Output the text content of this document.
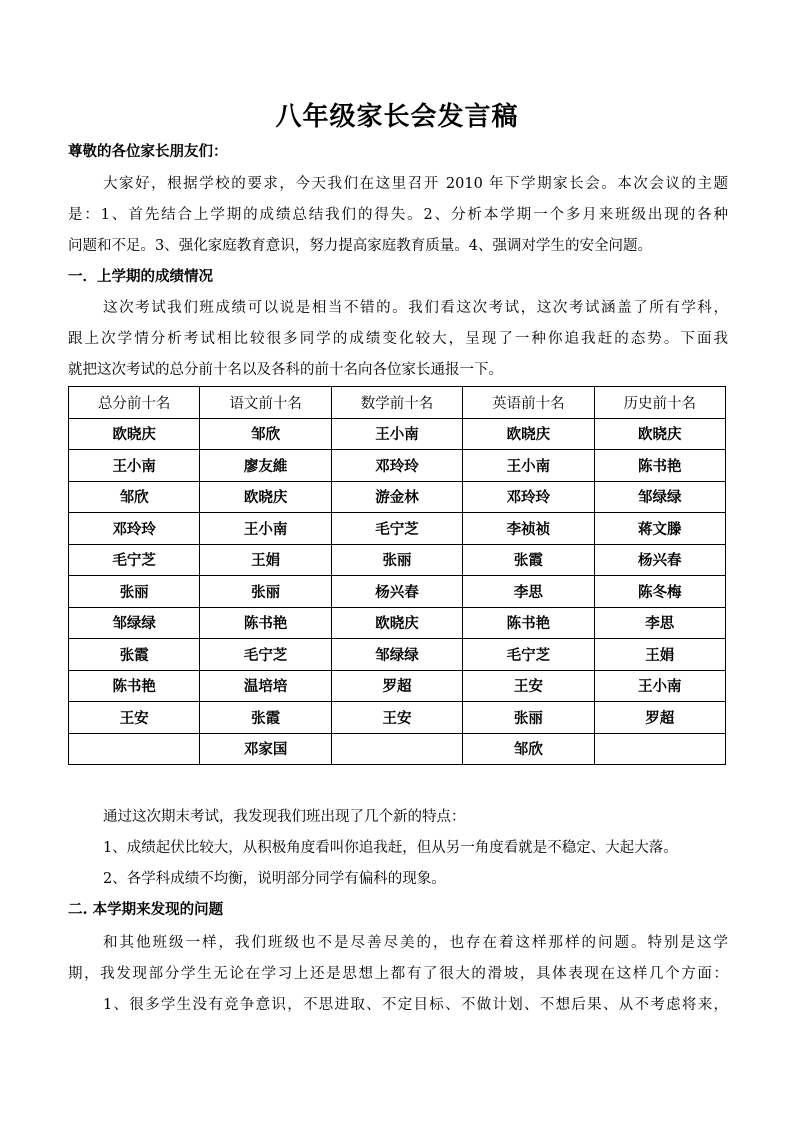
八年级家长会发言稿
尊敬的各位家长朋友们：
大家好，根据学校的要求，今天我们在这里召开 2010 年下学期家长会。本次会议的主题
是：1、首先结合上学期的成绩总结我们的得失。2、分析本学期一个多月来班级出现的各种
问题和不足。3、强化家庭教育意识，努力提高家庭教育质量。4、强调对学生的安全问题。
一．上学期的成绩情况
这次考试我们班成绩可以说是相当不错的。我们看这次考试，这次考试涵盖了所有学科，
跟上次学情分析考试相比较很多同学的成绩变化较大，呈现了一种你追我赶的态势。下面我
就把这次考试的总分前十名以及各科的前十名向各位家长通报一下。
总分前十名	语文前十名	数学前十名	英语前十名	历史前十名
欧晓庆	邹欣	王小南	欧晓庆	欧晓庆
王小南	廖友維	邓玲玲	王小南	陈书艳
邹欣	欧晓庆	游金林	邓玲玲	邹绿绿
邓玲玲	王小南	毛宁芝	李祯祯	蒋文滕
毛宁芝	王娟	张丽	张霞	杨兴春
张丽	张丽	杨兴春	李思	陈冬梅
邹绿绿	陈书艳	欧晓庆	陈书艳	李思
张霞	毛宁芝	邹绿绿	毛宁芝	王娟
陈书艳	温培培	罗超	王安	王小南
王安	张霞	王安	张丽	罗超
	邓家国		邹欣	
通过这次期末考试，我发现我们班出现了几个新的特点：
1、成绩起伏比较大，从积极角度看叫你追我赶，但从另一角度看就是不稳定、大起大落。
2、各学科成绩不均衡，说明部分同学有偏科的现象。
二. 本学期来发现的问题
和其他班级一样，我们班级也不是尽善尽美的，也存在着这样那样的问题。特别是这学
期，我发现部分学生无论在学习上还是思想上都有了很大的滑坡，具体表现在这样几个方面：
1、很多学生没有竞争意识，不思进取、不定目标、不做计划、不想后果、从不考虑将来，
